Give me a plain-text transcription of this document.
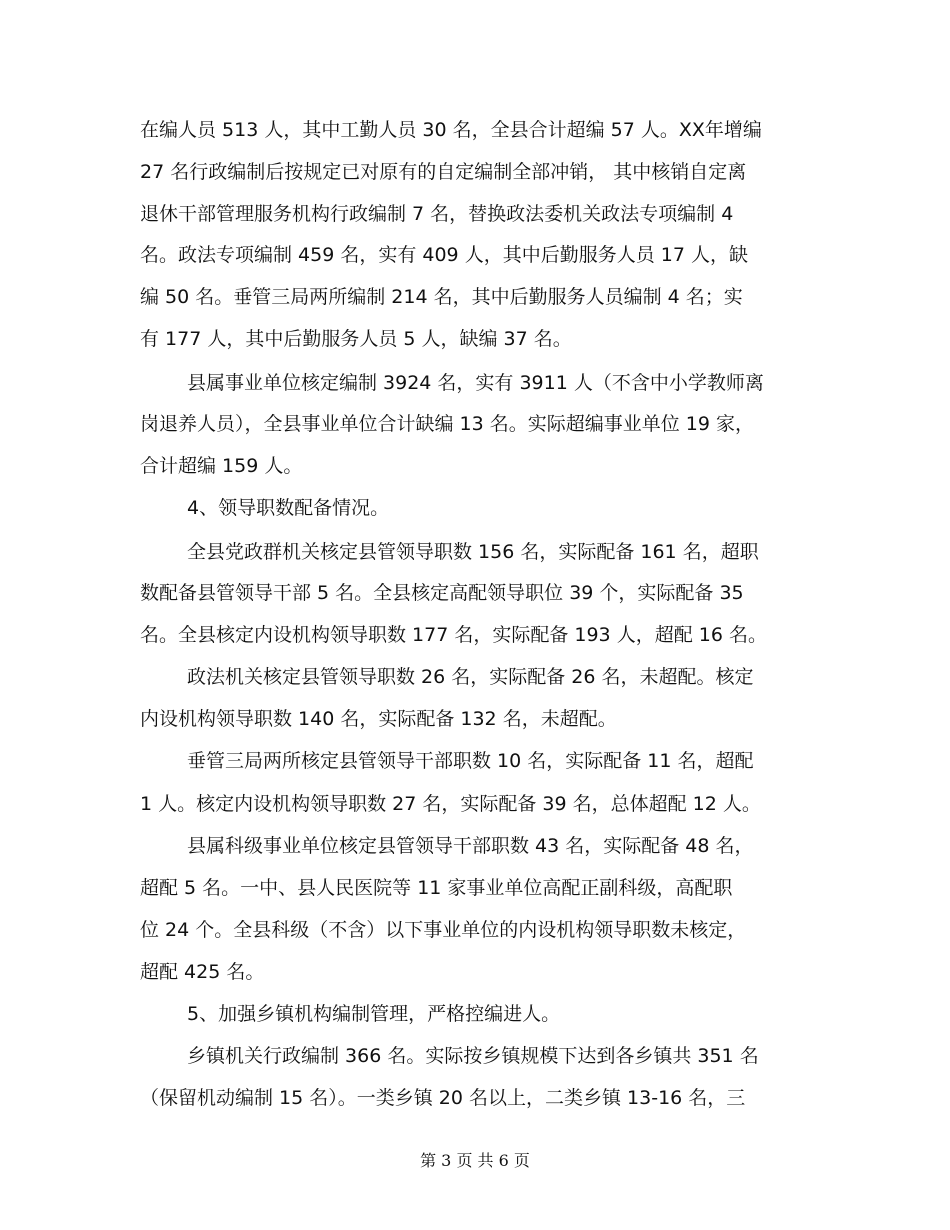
在编人员 513 人，其中工勤人员 30 名，全县合计超编 57 人。XX年增编
27 名行政编制后按规定已对原有的自定编制全部冲销， 其中核销自定离
退休干部管理服务机构行政编制 7 名，替换政法委机关政法专项编制 4
名。政法专项编制 459 名，实有 409 人，其中后勤服务人员 17 人，缺
编 50 名。垂管三局两所编制 214 名，其中后勤服务人员编制 4 名；实
有 177 人，其中后勤服务人员 5 人，缺编 37 名。
县属事业单位核定编制 3924 名，实有 3911 人（不含中小学教师离
岗退养人员），全县事业单位合计缺编 13 名。实际超编事业单位 19 家，
合计超编 159 人。
4、领导职数配备情况。
全县党政群机关核定县管领导职数 156 名，实际配备 161 名，超职
数配备县管领导干部 5 名。全县核定高配领导职位 39 个，实际配备 35
名。全县核定内设机构领导职数 177 名，实际配备 193 人，超配 16 名。
政法机关核定县管领导职数 26 名，实际配备 26 名，未超配。核定
内设机构领导职数 140 名，实际配备 132 名，未超配。
垂管三局两所核定县管领导干部职数 10 名，实际配备 11 名，超配
1 人。核定内设机构领导职数 27 名，实际配备 39 名，总体超配 12 人。
县属科级事业单位核定县管领导干部职数 43 名，实际配备 48 名，
超配 5 名。一中、县人民医院等 11 家事业单位高配正副科级，高配职
位 24 个。全县科级（不含）以下事业单位的内设机构领导职数未核定，
超配 425 名。
5、加强乡镇机构编制管理，严格控编进人。
乡镇机关行政编制 366 名。实际按乡镇规模下达到各乡镇共 351 名
（保留机动编制 15 名）。一类乡镇 20 名以上，二类乡镇 13-16 名，三
第 3 页 共 6 页
